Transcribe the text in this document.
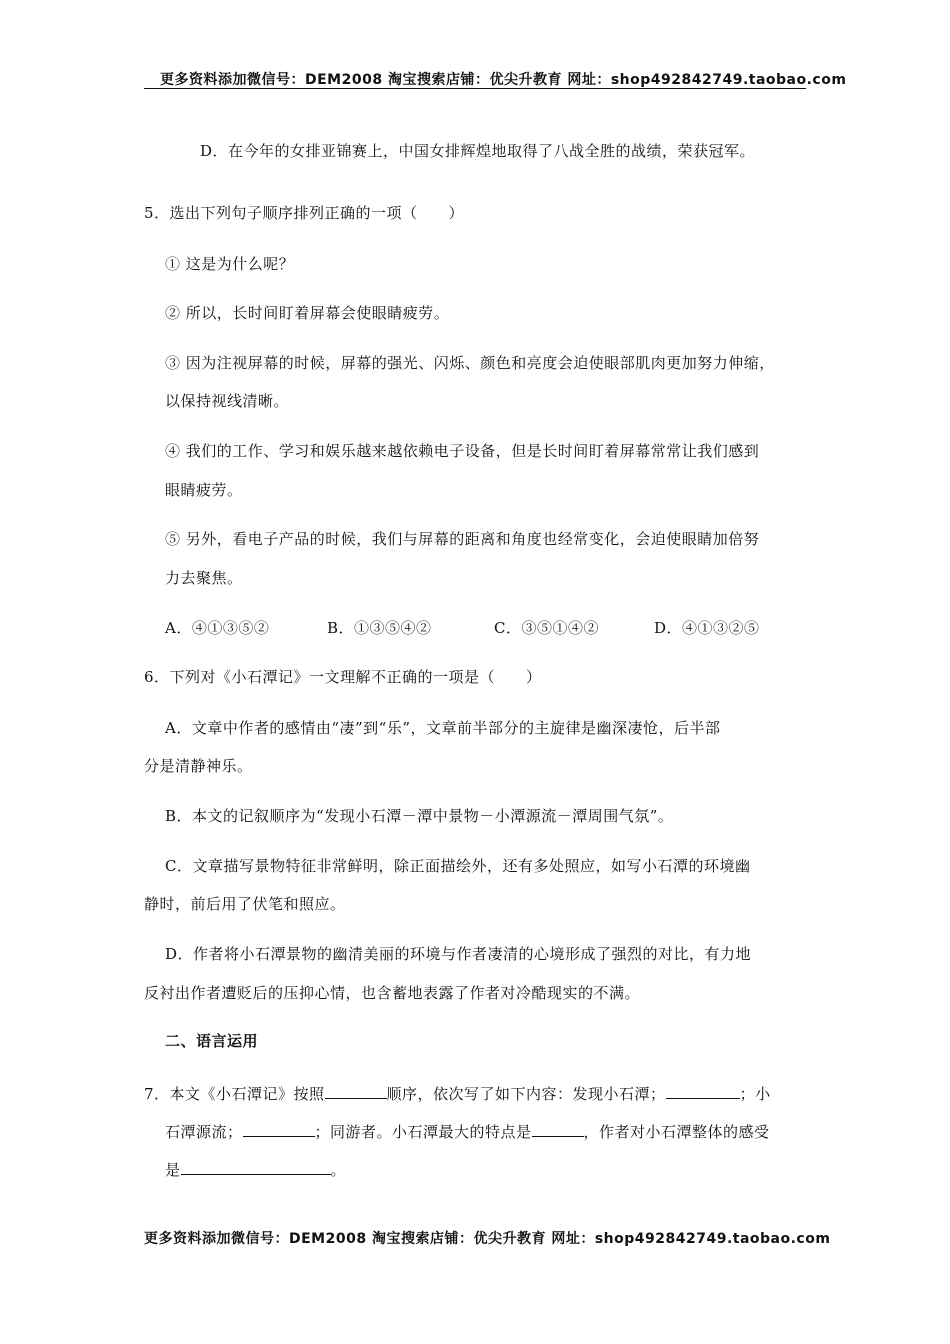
更多资料添加微信号：DEM2008 淘宝搜索店铺：优尖升教育 网址：shop492842749.taobao.com
D．在今年的女排亚锦赛上，中国女排辉煌地取得了八战全胜的战绩，荣获冠军。
5．选出下列句子顺序排列正确的一项（　　）
① 这是为什么呢？
② 所以，长时间盯着屏幕会使眼睛疲劳。
③ 因为注视屏幕的时候，屏幕的强光、闪烁、颜色和亮度会迫使眼部肌肉更加努力伸缩，
以保持视线清晰。
④ 我们的工作、学习和娱乐越来越依赖电子设备，但是长时间盯着屏幕常常让我们感到
眼睛疲劳。
⑤ 另外，看电子产品的时候，我们与屏幕的距离和角度也经常变化，会迫使眼睛加倍努
力去聚焦。
A．④①③⑤②	B．①③⑤④②	C．③⑤①④②	D．④①③②⑤
6．下列对《小石潭记》一文理解不正确的一项是（　　）
A．文章中作者的感情由“凄”到“乐”，文章前半部分的主旋律是幽深凄怆，后半部
分是清静神乐。
B．本文的记叙顺序为“发现小石潭－潭中景物－小潭源流－潭周围气氛”。
C．文章描写景物特征非常鲜明，除正面描绘外，还有多处照应，如写小石潭的环境幽
静时，前后用了伏笔和照应。
D．作者将小石潭景物的幽清美丽的环境与作者凄清的心境形成了强烈的对比，有力地
反衬出作者遭贬后的压抑心情，也含蓄地表露了作者对冷酷现实的不满。
二、语言运用
7．本文《小石潭记》按照	顺序，依次写了如下内容：发现小石潭；	；小
石潭源流；	；同游者。小石潭最大的特点是	，作者对小石潭整体的感受
是	。
更多资料添加微信号：DEM2008 淘宝搜索店铺：优尖升教育 网址：shop492842749.taobao.com
